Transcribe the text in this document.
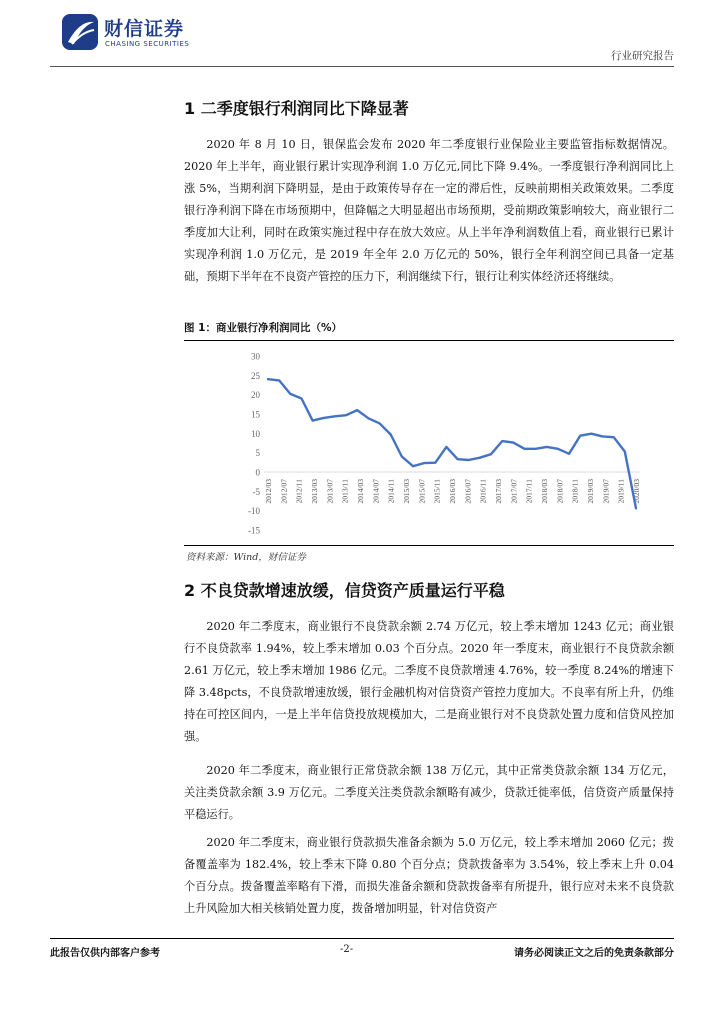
财信证券
CHASING SECURITIES
行业研究报告
1 二季度银行利润同比下降显著
2020 年 8 月 10 日，银保监会发布 2020 年二季度银行业保险业主要监管指标数据情况。2020 年上半年，商业银行累计实现净利润 1.0 万亿元,同比下降 9.4%。一季度银行净利润同比上涨 5%，当期利润下降明显，是由于政策传导存在一定的滞后性，反映前期相关政策效果。二季度银行净利润下降在市场预期中，但降幅之大明显超出市场预期，受前期政策影响较大，商业银行二季度加大让利，同时在政策实施过程中存在放大效应。从上半年净利润数值上看，商业银行已累计实现净利润 1.0 万亿元，是 2019 年全年 2.0 万亿元的 50%，银行全年利润空间已具备一定基础，预期下半年在不良资产管控的压力下，利润继续下行，银行让利实体经济还将继续。
图 1：商业银行净利润同比（%）
30
25
20
15
10
5
0
-5
-10
-15
2012/03 2012/07 2012/11 2013/03 2013/07 2013/11 2014/03 2014/07 2014/11 2015/03 2015/07 2015/11 2016/03 2016/07 2016/11 2017/03 2017/07 2017/11 2018/03 2018/07 2018/11 2019/03 2019/07 2019/11 2020/03
资料来源：Wind，财信证券
2 不良贷款增速放缓，信贷资产质量运行平稳
2020 年二季度末，商业银行不良贷款余额 2.74 万亿元，较上季末增加 1243 亿元；商业银行不良贷款率 1.94%，较上季末增加 0.03 个百分点。2020 年一季度末，商业银行不良贷款余额 2.61 万亿元，较上季末增加 1986 亿元。二季度不良贷款增速 4.76%，较一季度 8.24%的增速下降 3.48pcts，不良贷款增速放缓，银行金融机构对信贷资产管控力度加大。不良率有所上升，仍维持在可控区间内，一是上半年信贷投放规模加大，二是商业银行对不良贷款处置力度和信贷风控加强。
2020 年二季度末，商业银行正常贷款余额 138 万亿元，其中正常类贷款余额 134 万亿元，关注类贷款余额 3.9 万亿元。二季度关注类贷款余额略有减少，贷款迁徙率低，信贷资产质量保持平稳运行。
2020 年二季度末，商业银行贷款损失准备余额为 5.0 万亿元，较上季末增加 2060 亿元；拨备覆盖率为 182.4%，较上季末下降 0.80 个百分点；贷款拨备率为 3.54%，较上季末上升 0.04 个百分点。拨备覆盖率略有下滑，而损失准备余额和贷款拨备率有所提升，银行应对未来不良贷款上升风险加大相关核销处置力度，拨备增加明显，针对信贷资产
此报告仅供内部客户参考	-2-	请务必阅读正文之后的免责条款部分
